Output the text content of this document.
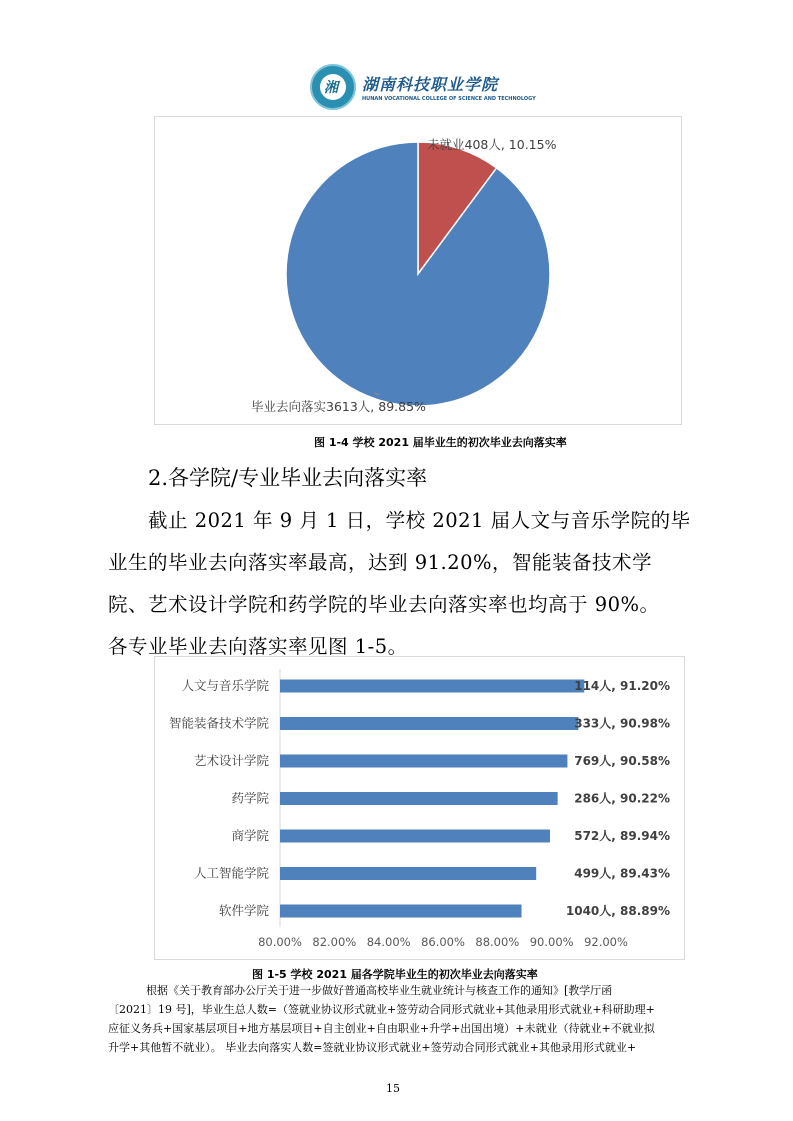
湘 湖南科技职业学院
HUNAN VOCATIONAL COLLEGE OF SCIENCE AND TECHNOLOGY
未就业408人, 10.15%
毕业去向落实3613人, 89.85%
图 1-4 学校 2021 届毕业生的初次毕业去向落实率
2.各学院/专业毕业去向落实率
截止 2021 年 9 月 1 日，学校 2021 届人文与音乐学院的毕
业生的毕业去向落实率最高，达到 91.20%，智能装备技术学
院、艺术设计学院和药学院的毕业去向落实率也均高于 90%。
各专业毕业去向落实率见图 1-5。
人文与音乐学院	114人, 91.20%
智能装备技术学院	333人, 90.98%
艺术设计学院	769人, 90.58%
药学院	286人, 90.22%
商学院	572人, 89.94%
人工智能学院	499人, 89.43%
软件学院	1040人, 88.89%
80.00% 82.00% 84.00% 86.00% 88.00% 90.00% 92.00%
图 1-5 学校 2021 届各学院毕业生的初次毕业去向落实率
根据《关于教育部办公厅关于进一步做好普通高校毕业生就业统计与核查工作的通知》[教学厅函
〔2021〕19 号]，毕业生总人数=（签就业协议形式就业+签劳动合同形式就业+其他录用形式就业+科研助理+
应征义务兵+国家基层项目+地方基层项目+自主创业+自由职业+升学+出国出境）+未就业（待就业+不就业拟
升学+其他暂不就业）。 毕业去向落实人数=签就业协议形式就业+签劳动合同形式就业+其他录用形式就业+
15
